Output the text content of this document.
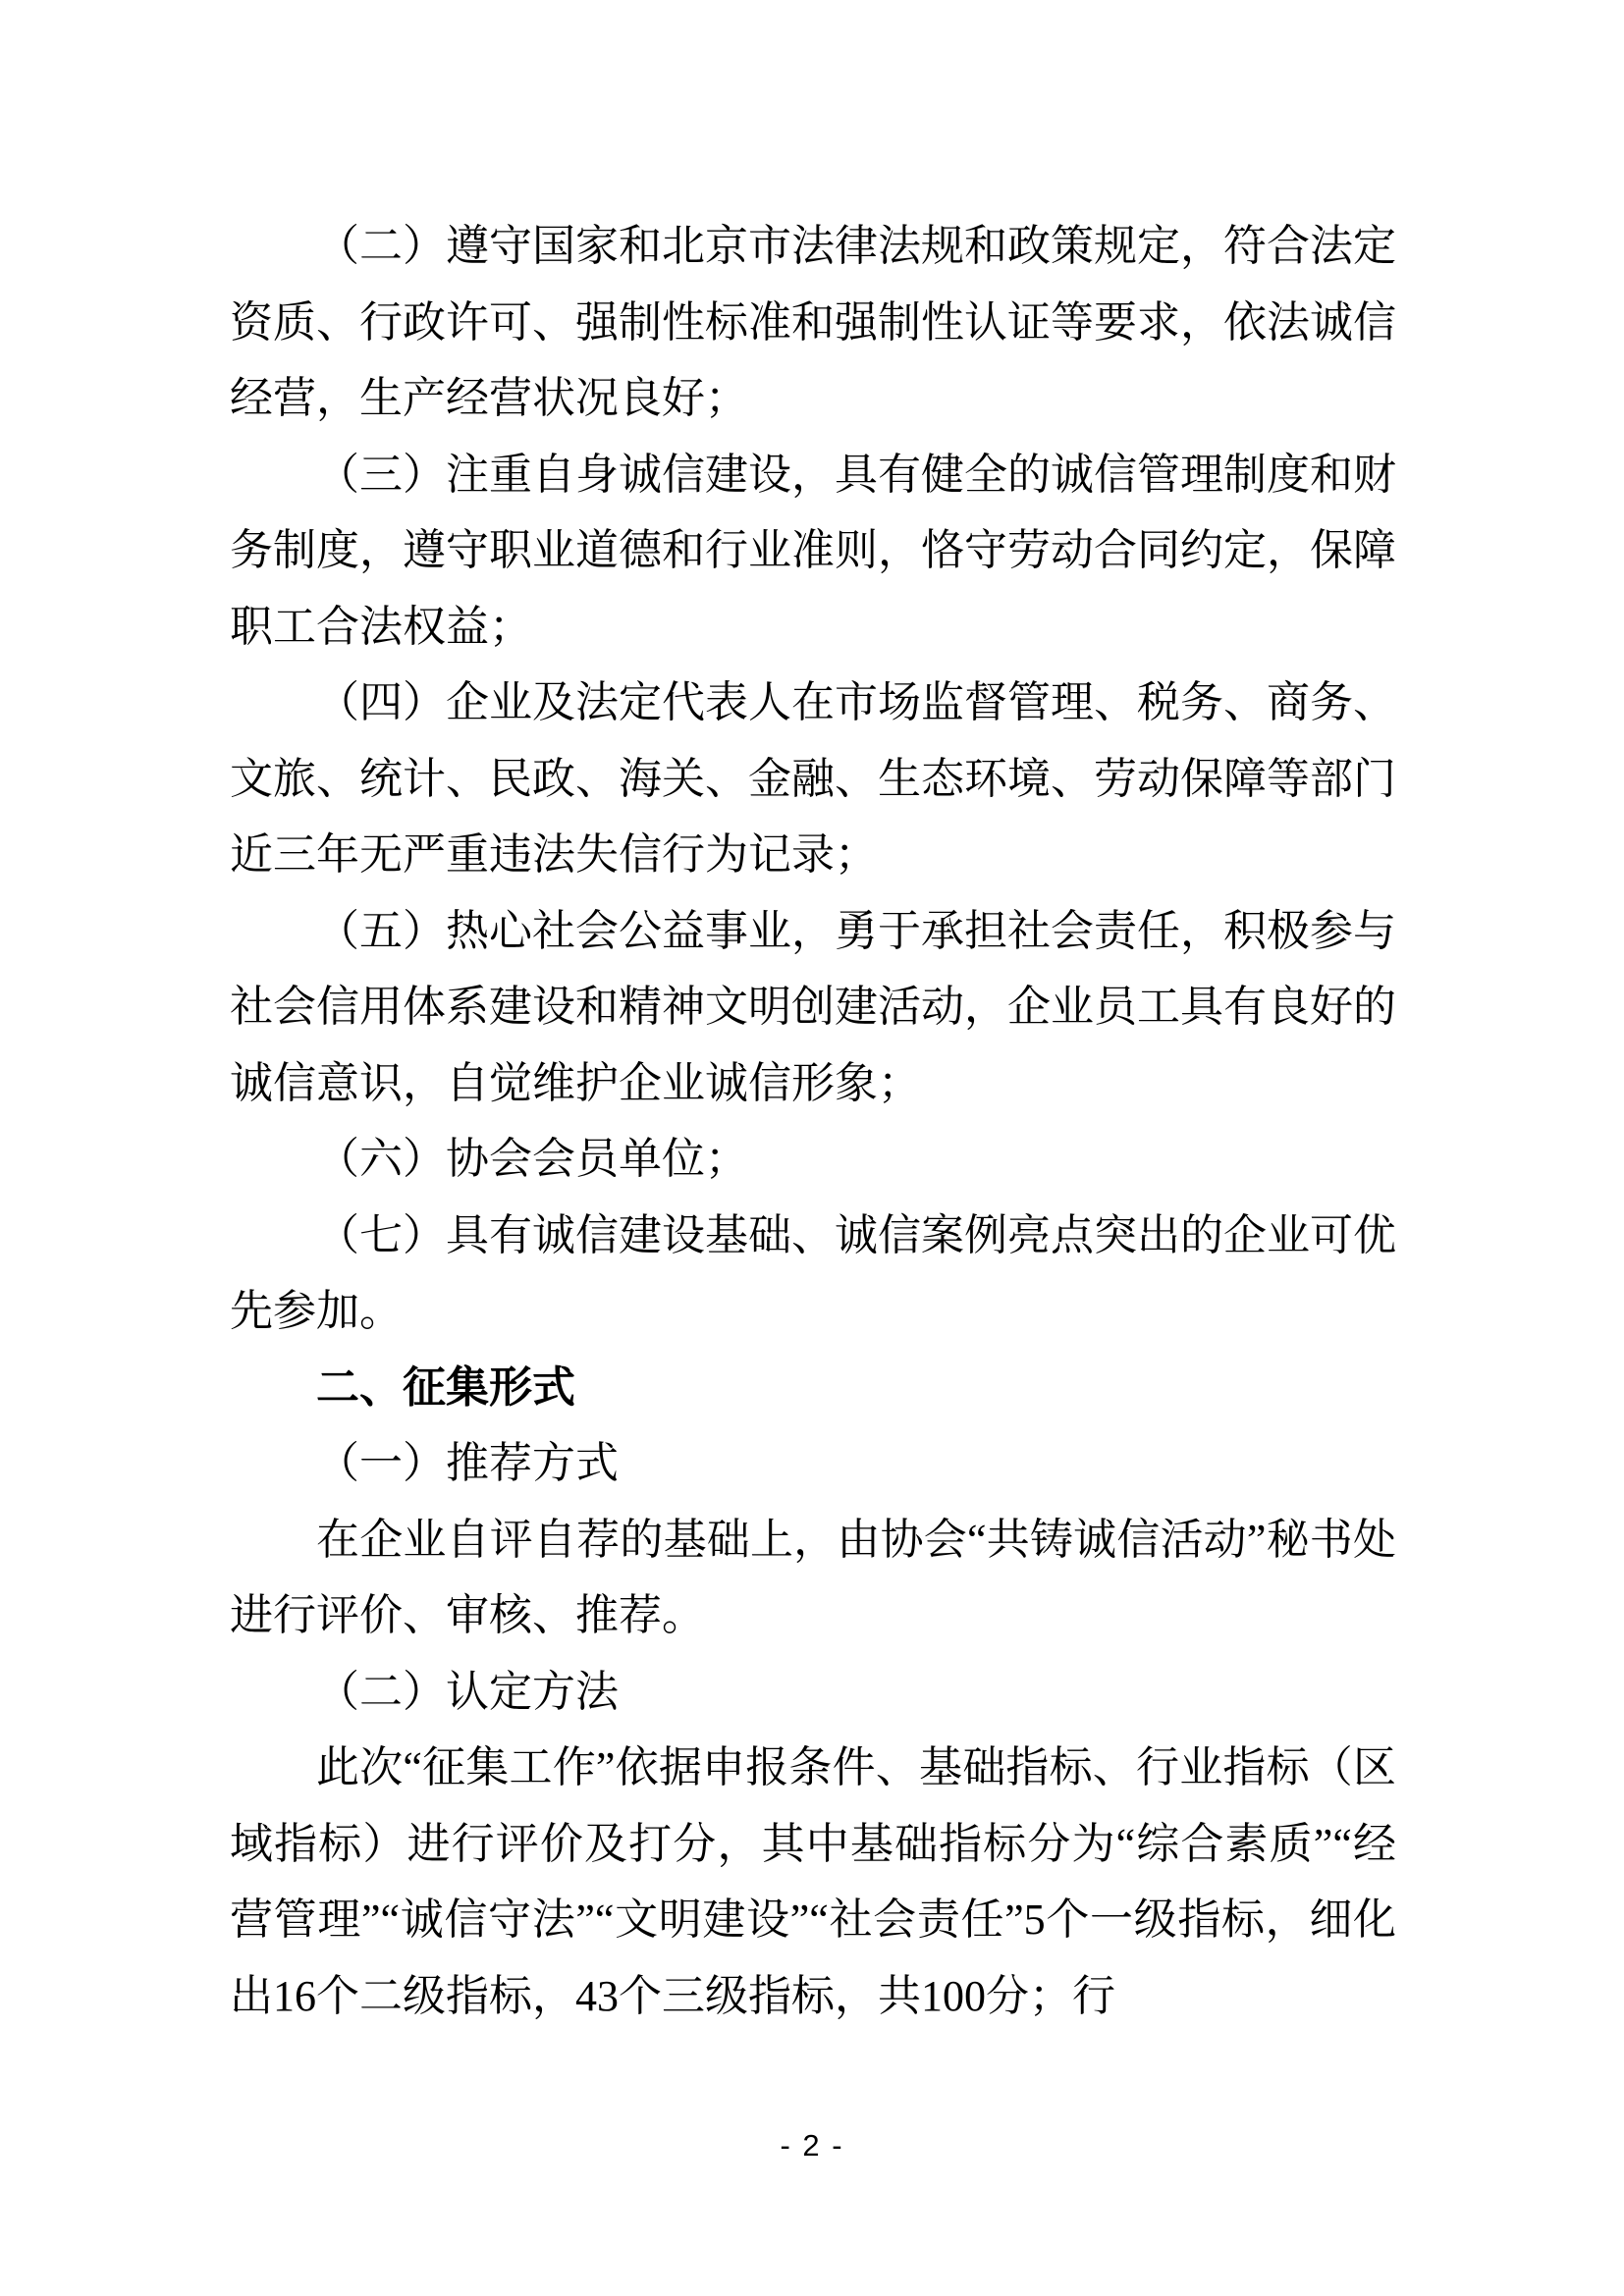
（二）遵守国家和北京市法律法规和政策规定，符合法定资质、行政许可、强制性标准和强制性认证等要求，依法诚信经营，生产经营状况良好；

（三）注重自身诚信建设，具有健全的诚信管理制度和财务制度，遵守职业道德和行业准则，恪守劳动合同约定，保障职工合法权益；

（四）企业及法定代表人在市场监督管理、税务、商务、文旅、统计、民政、海关、金融、生态环境、劳动保障等部门近三年无严重违法失信行为记录；

（五）热心社会公益事业，勇于承担社会责任，积极参与社会信用体系建设和精神文明创建活动，企业员工具有良好的诚信意识，自觉维护企业诚信形象；

（六）协会会员单位；

（七）具有诚信建设基础、诚信案例亮点突出的企业可优先参加。

二、征集形式

（一）推荐方式

在企业自评自荐的基础上，由协会“共铸诚信活动”秘书处进行评价、审核、推荐。

（二）认定方法

此次“征集工作”依据申报条件、基础指标、行业指标（区域指标）进行评价及打分，其中基础指标分为“综合素质”“经营管理”“诚信守法”“文明建设”“社会责任”5个一级指标，细化出16个二级指标，43个三级指标，共100分；行

- 2 -
